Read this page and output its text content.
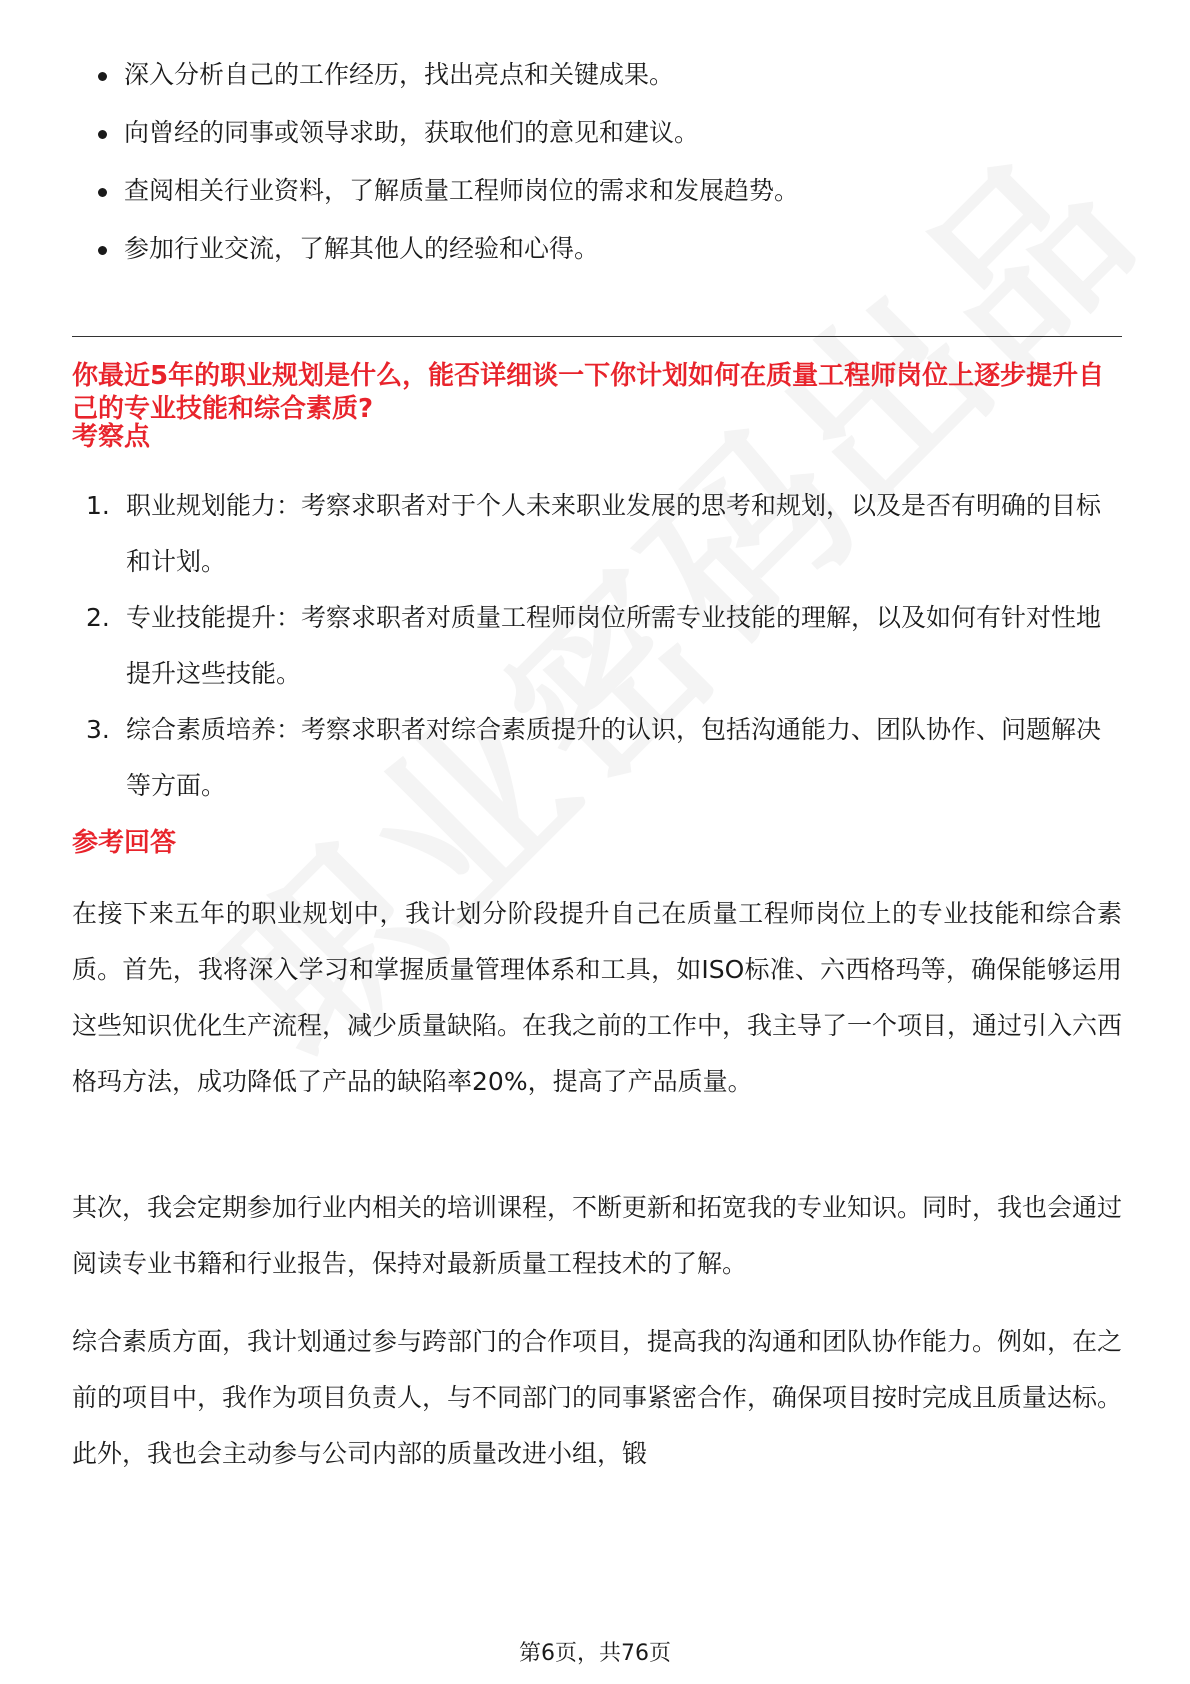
深入分析自己的工作经历，找出亮点和关键成果。
向曾经的同事或领导求助，获取他们的意见和建议。
查阅相关行业资料，了解质量工程师岗位的需求和发展趋势。
参加行业交流，了解其他人的经验和心得。
你最近5年的职业规划是什么，能否详细谈一下你计划如何在质量工程师岗位上逐步提升自己的专业技能和综合素质?
考察点
1. 职业规划能力：考察求职者对于个人未来职业发展的思考和规划，以及是否有明确的目标和计划。
2. 专业技能提升：考察求职者对质量工程师岗位所需专业技能的理解，以及如何有针对性地提升这些技能。
3. 综合素质培养：考察求职者对综合素质提升的认识，包括沟通能力、团队协作、问题解决等方面。
参考回答

在接下来五年的职业规划中，我计划分阶段提升自己在质量工程师岗位上的专业技能和综合素质。首先，我将深入学习和掌握质量管理体系和工具，如ISO标准、六西格玛等，确保能够运用这些知识优化生产流程，减少质量缺陷。在我之前的工作中，我主导了一个项目，通过引入六西格玛方法，成功降低了产品的缺陷率20%，提高了产品质量。

其次，我会定期参加行业内相关的培训课程，不断更新和拓宽我的专业知识。同时，我也会通过阅读专业书籍和行业报告，保持对最新质量工程技术的了解。

综合素质方面，我计划通过参与跨部门的合作项目，提高我的沟通和团队协作能力。例如，在之前的项目中，我作为项目负责人，与不同部门的同事紧密合作，确保项目按时完成且质量达标。此外，我也会主动参与公司内部的质量改进小组，锻

第6页，共76页
